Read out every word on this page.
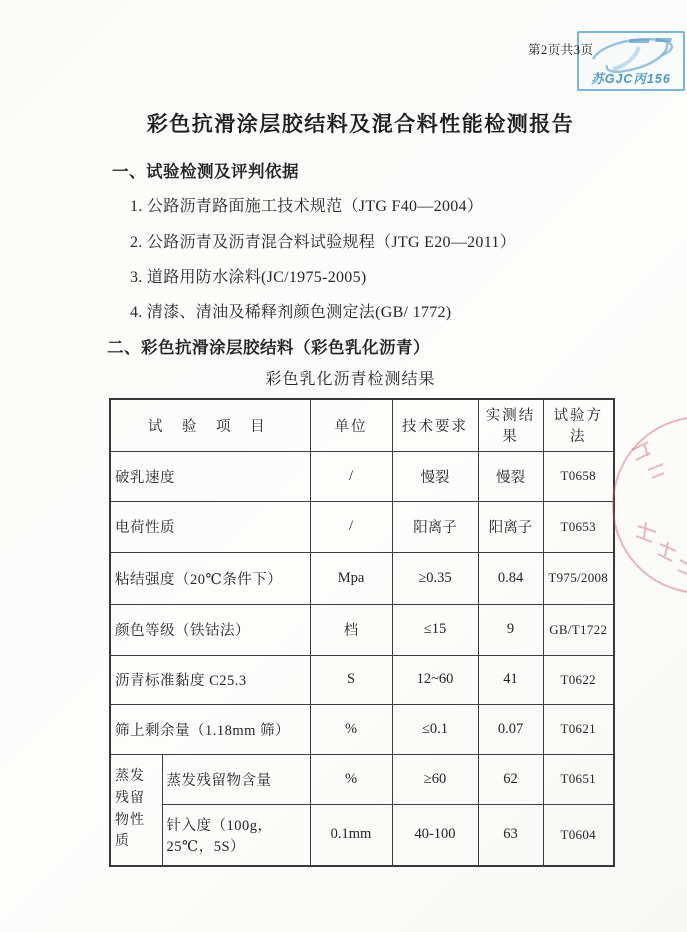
第2页共3页
苏GJC丙156
彩色抗滑涂层胶结料及混合料性能检测报告
一、试验检测及评判依据
1. 公路沥青路面施工技术规范（JTG F40—2004）
2. 公路沥青及沥青混合料试验规程（JTG E20—2011）
3. 道路用防水涂料(JC/1975-2005)
4. 清漆、清油及稀释剂颜色测定法(GB/ 1772)
二、彩色抗滑涂层胶结料（彩色乳化沥青）
彩色乳化沥青检测结果
试 验 项 目		单位	技术要求	实测结果	试验方法
破乳速度		/	慢裂	慢裂	T0658
电荷性质		/	阳离子	阳离子	T0653
粘结强度（20℃条件下）		Mpa	≥0.35	0.84	T975/2008
颜色等级（铁钴法）		档	≤15	9	GB/T1722
沥青标准黏度 C25.3		S	12~60	41	T0622
筛上剩余量（1.18mm 筛）		%	≤0.1	0.07	T0621
蒸发残留物性质	蒸发残留物含量	%	≥60	62	T0651
	针入度（100g，25℃，5S）	0.1mm	40-100	63	T0604
